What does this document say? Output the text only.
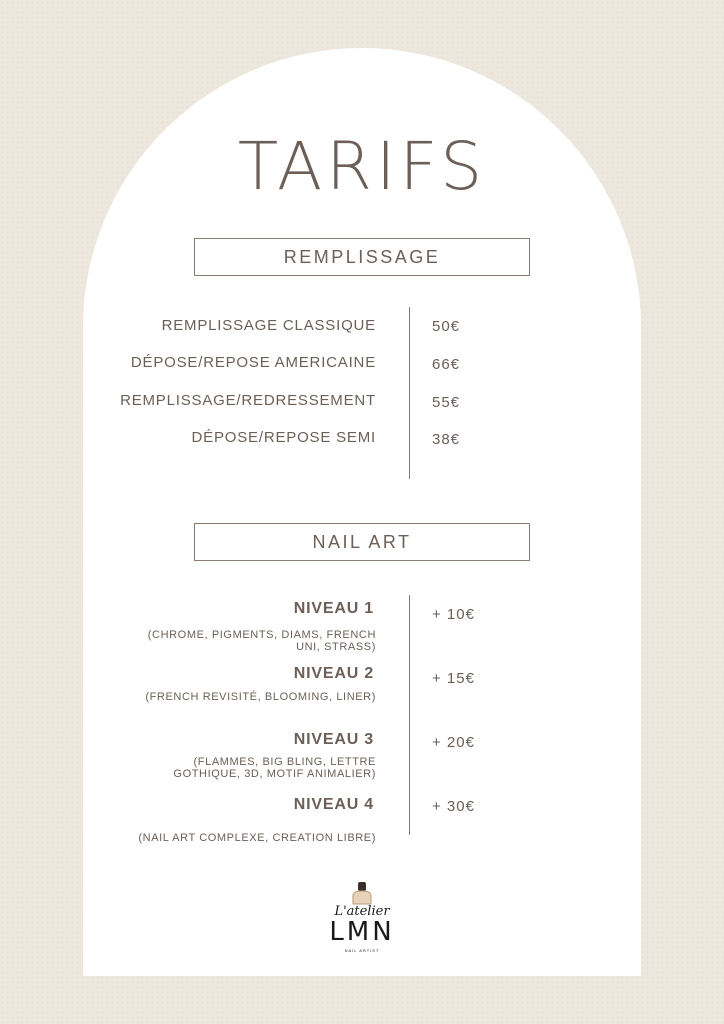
TARIFS
REMPLISSAGE
REMPLISSAGE CLASSIQUE	50€
DÉPOSE/REPOSE AMERICAINE	66€
REMPLISSAGE/REDRESSEMENT	55€
DÉPOSE/REPOSE SEMI	38€
NAIL ART
NIVEAU 1
(CHROME, PIGMENTS, DIAMS, FRENCH UNI, STRASS)
+ 10€
NIVEAU 2
(FRENCH REVISITÉ, BLOOMING, LINER)
+ 15€
NIVEAU 3
(FLAMMES, BIG BLING, LETTRE GOTHIQUE, 3D, MOTIF ANIMALIER)
+ 20€
NIVEAU 4
(NAIL ART COMPLEXE, CREATION LIBRE)
+ 30€
L'atelier
LMN
NAIL ARTIST
